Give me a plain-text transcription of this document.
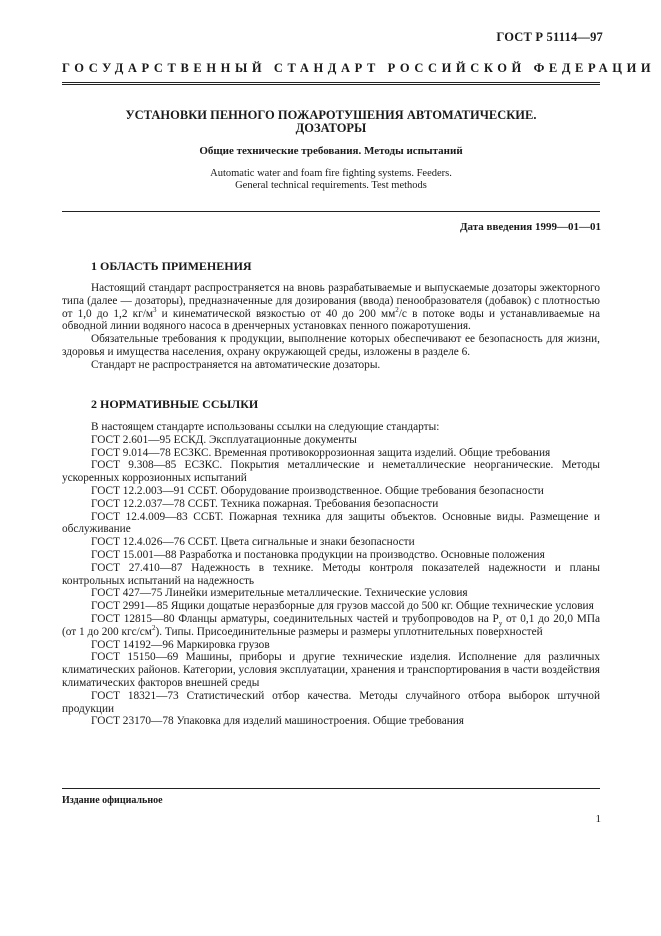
ГОСТ Р 51114—97
ГОСУДАРСТВЕННЫЙ СТАНДАРТ РОССИЙСКОЙ ФЕДЕРАЦИИ
УСТАНОВКИ ПЕННОГО ПОЖАРОТУШЕНИЯ АВТОМАТИЧЕСКИЕ.
ДОЗАТОРЫ
Общие технические требования. Методы испытаний
Automatic water and foam fire fighting systems. Feeders.
General technical requirements. Test methods
Дата введения 1999—01—01
1 ОБЛАСТЬ ПРИМЕНЕНИЯ

Настоящий стандарт распространяется на вновь разрабатываемые и выпускаемые дозаторы эжекторного типа (далее — дозаторы), предназначенные для дозирования (ввода) пенообразователя (добавок) с плотностью от 1,0 до 1,2 $кг/м^3$ и кинематической вязкостью от 40 до 200 $мм^2/с$ в потоке воды и устанавливаемые на обводной линии водяного насоса в дренчерных установках пенного пожаротушения.

Обязательные требования к продукции, выполнение которых обеспечивают ее безопасность для жизни, здоровья и имущества населения, охрану окружающей среды, изложены в разделе 6.

Стандарт не распространяется на автоматические дозаторы.

2 НОРМАТИВНЫЕ ССЫЛКИ

В настоящем стандарте использованы ссылки на следующие стандарты:

ГОСТ 2.601—95 ЕСКД. Эксплуатационные документы

ГОСТ 9.014—78 ЕСЗКС. Временная противокоррозионная защита изделий. Общие требования

ГОСТ 9.308—85 ЕСЗКС. Покрытия металлические и неметаллические неорганические. Методы ускоренных коррозионных испытаний

ГОСТ 12.2.003—91 ССБТ. Оборудование производственное. Общие требования безопасности

ГОСТ 12.2.037—78 ССБТ. Техника пожарная. Требования безопасности

ГОСТ 12.4.009—83 ССБТ. Пожарная техника для защиты объектов. Основные виды. Размещение и обслуживание

ГОСТ 12.4.026—76 ССБТ. Цвета сигнальные и знаки безопасности

ГОСТ 15.001—88 Разработка и постановка продукции на производство. Основные положения

ГОСТ 27.410—87 Надежность в технике. Методы контроля показателей надежности и планы контрольных испытаний на надежность

ГОСТ 427—75 Линейки измерительные металлические. Технические условия

ГОСТ 2991—85 Ящики дощатые неразборные для грузов массой до 500 кг. Общие технические условия

ГОСТ 12815—80 Фланцы арматуры, соединительных частей и трубопроводов на $P_у$ от 0,1 до 20,0 МПа (от 1 до 200 кгс/$см^2$). Типы. Присоединительные размеры и размеры уплотнительных поверхностей

ГОСТ 14192—96 Маркировка грузов

ГОСТ 15150—69 Машины, приборы и другие технические изделия. Исполнение для различных климатических районов. Категории, условия эксплуатации, хранения и транспортирования в части воздействия климатических факторов внешней среды

ГОСТ 18321—73 Статистический отбор качества. Методы случайного отбора выборок штучной продукции

ГОСТ 23170—78 Упаковка для изделий машиностроения. Общие требования

Издание официальное
1
